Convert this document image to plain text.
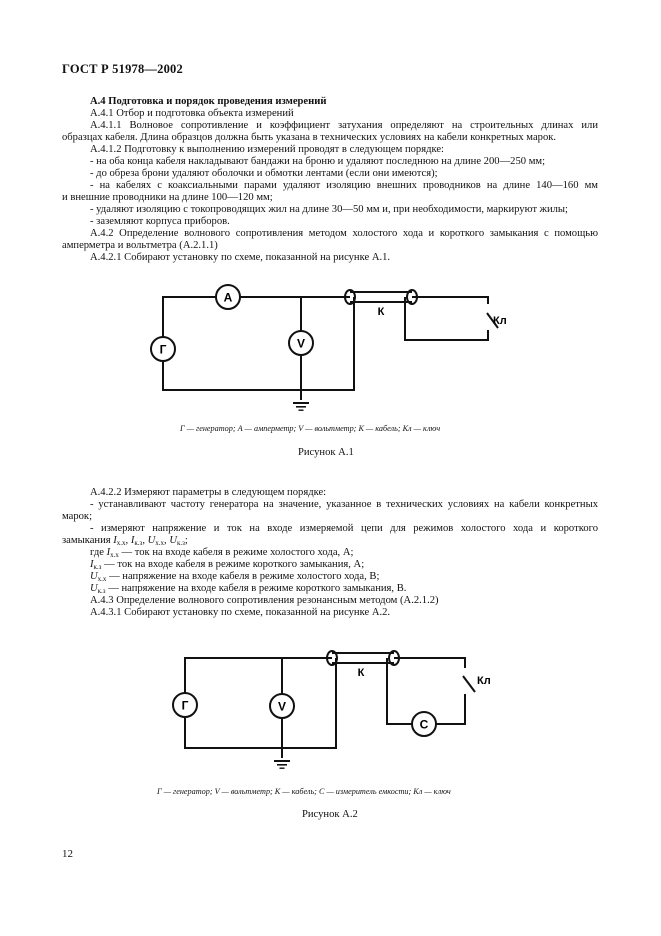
ГОСТ Р 51978—2002
А.4 Подготовка и порядок проведения измерений
А.4.1 Отбор и подготовка объекта измерений
А.4.1.1 Волновое сопротивление и коэффициент затухания определяют на строительных длинах или
образцах кабеля. Длина образцов должна быть указана в технических условиях на кабели конкретных марок.
А.4.1.2 Подготовку к выполнению измерений проводят в следующем порядке:
- на оба конца кабеля накладывают бандажи на броню и удаляют последнюю на длине 200—250 мм;
- до обреза брони удаляют оболочки и обмотки лентами (если они имеются);
- на кабелях с коаксиальными парами удаляют изоляцию внешних проводников на длине 140—160 мм
и внешние проводники на длине 100—120 мм;
- удаляют изоляцию с токопроводящих жил на длине 30—50 мм и, при необходимости, маркируют жилы;
- заземляют корпуса приборов.
А.4.2 Определение волнового сопротивления методом холостого хода и короткого замыкания с помощью
амперметра и вольтметра (А.2.1.1)
А.4.2.1 Собирают установку по схеме, показанной на рисунке А.1.
Г
А
V
К
Кл
Г — генератор; А — амперметр; V — вольтметр; К — кабель; Кл — ключ
Рисунок А.1
А.4.2.2 Измеряют параметры в следующем порядке:
- устанавливают частоту генератора на значение, указанное в технических условиях на кабели конкретных
марок;
- измеряют напряжение и ток на входе измеряемой цепи для режимов холостого хода и короткого
замыкания $I_{х.х}$, $I_{к.з}$, $U_{х.х}$, $U_{к.з}$;
где $I_{х.х}$ — ток на входе кабеля в режиме холостого хода, А;
$I_{к.з}$ — ток на входе кабеля в режиме короткого замыкания, А;
$U_{х.х}$ — напряжение на входе кабеля в режиме холостого хода, В;
$U_{к.з}$ — напряжение на входе кабеля в режиме короткого замыкания, В.
А.4.3 Определение волнового сопротивления резонансным методом (А.2.1.2)
А.4.3.1 Собирают установку по схеме, показанной на рисунке А.2.
Г	V
К
С
Кл
Г — генератор; V — вольтметр; К — кабель; С — измеритель емкости; Кл — ключ
Рисунок А.2
12
